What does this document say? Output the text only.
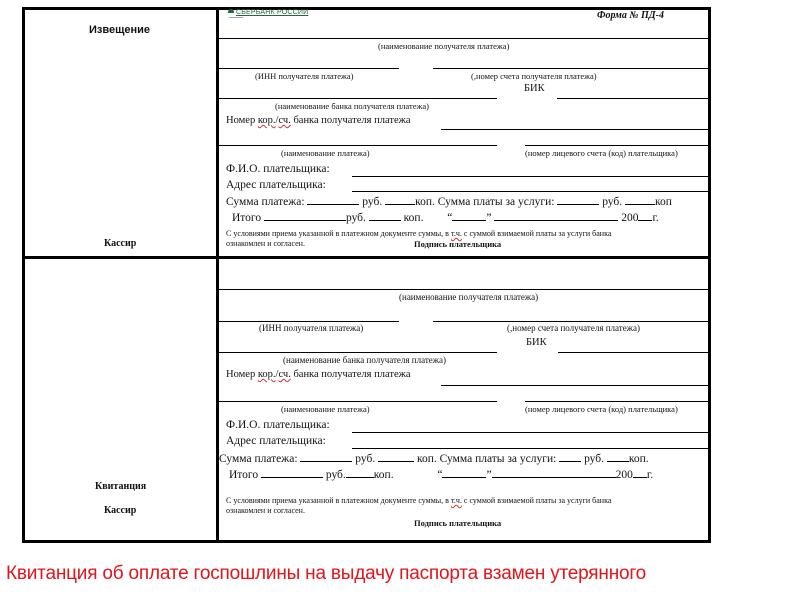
Извещение
Кассир
СБЕРБАНК РОССИИ	Форма № ПД-4
(наименование получателя платежа)
(ИНН получателя платежа)	(,номер счета получателя платежа)
БИК
(наименование банка получателя платежа)
Номер кор./сч. банка получателя платежа
(наименование платежа)	(номер лицевого счета (код) плательщика)
Ф.И.О. плательщика:
Адрес плательщика:
Сумма платежа:	руб.	коп. Сумма платы за услуги:	руб.	коп
Итого	руб.	коп. “	”	200 г.
С условиями приема указанной в платежном документе суммы, в т.ч. с суммой взимаемой платы за услуги банка
ознакомлен и согласен.	Подпись плательщика
Квитанция
Кассир
(наименование получателя платежа)
(ИНН получателя платежа)	(,номер счета получателя платежа)
БИК
(наименование банка получателя платежа)
Номер кор./сч. банка получателя платежа
(наименование платежа)	(номер лицевого счета (код) плательщика)
Ф.И.О. плательщика:
Адрес плательщика:
Сумма платежа:	руб.	коп. Сумма платы за услуги: руб. коп.
Итого	руб. коп.	“	”	200 г.
С условиями приема указанной в платежном документе суммы, в т.ч. с суммой взимаемой платы за услуги банка
ознакомлен и согласен.
Подпись плательщика
Квитанция об оплате госпошлины на выдачу паспорта взамен утерянного
